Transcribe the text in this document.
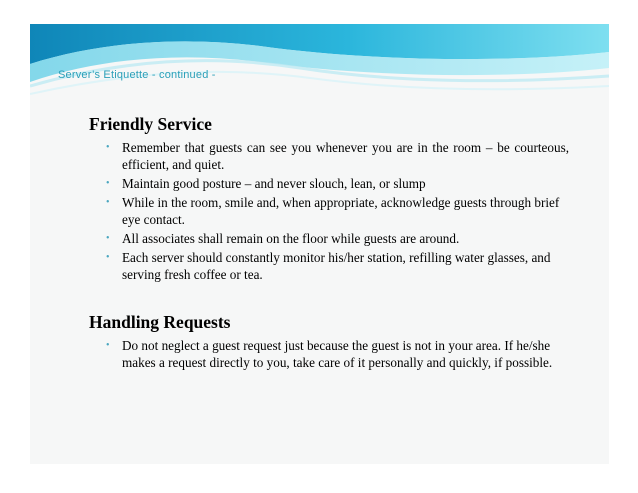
Server’s Etiquette - continued -
Friendly Service
• Remember that guests can see you whenever you are in the room – be courteous, efficient, and quiet.
• Maintain good posture – and never slouch, lean, or slump
• While in the room, smile and, when appropriate, acknowledge guests through brief eye contact.
• All associates shall remain on the floor while guests are around.
• Each server should constantly monitor his/her station, refilling water glasses, and serving fresh coffee or tea.
Handling Requests
• Do not neglect a guest request just because the guest is not in your area. If he/she makes a request directly to you, take care of it personally and quickly, if possible.
